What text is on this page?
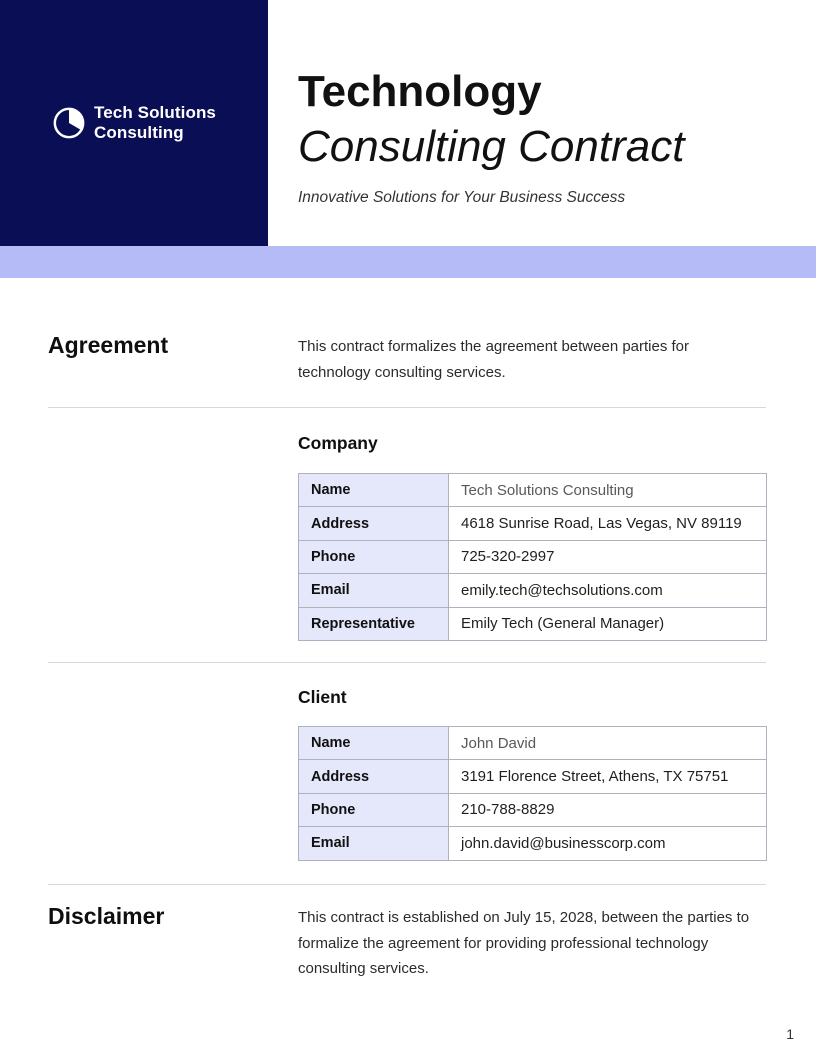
Tech Solutions
Consulting
Technology
Consulting Contract

Innovative Solutions for Your Business Success

Agreement	This contract formalizes the agreement between parties for technology consulting services.

Company
Name	Tech Solutions Consulting
Address	4618 Sunrise Road, Las Vegas, NV 89119
Phone	725-320-2997
Email	emily.tech@techsolutions.com
Representative	Emily Tech (General Manager)
Client
Name	John David
Address	3191 Florence Street, Athens, TX 75751
Phone	210-788-8829
Email	john.david@businesscorp.com
Disclaimer	This contract is established on July 15, 2028, between the parties to formalize the agreement for providing professional technology consulting services.

1
